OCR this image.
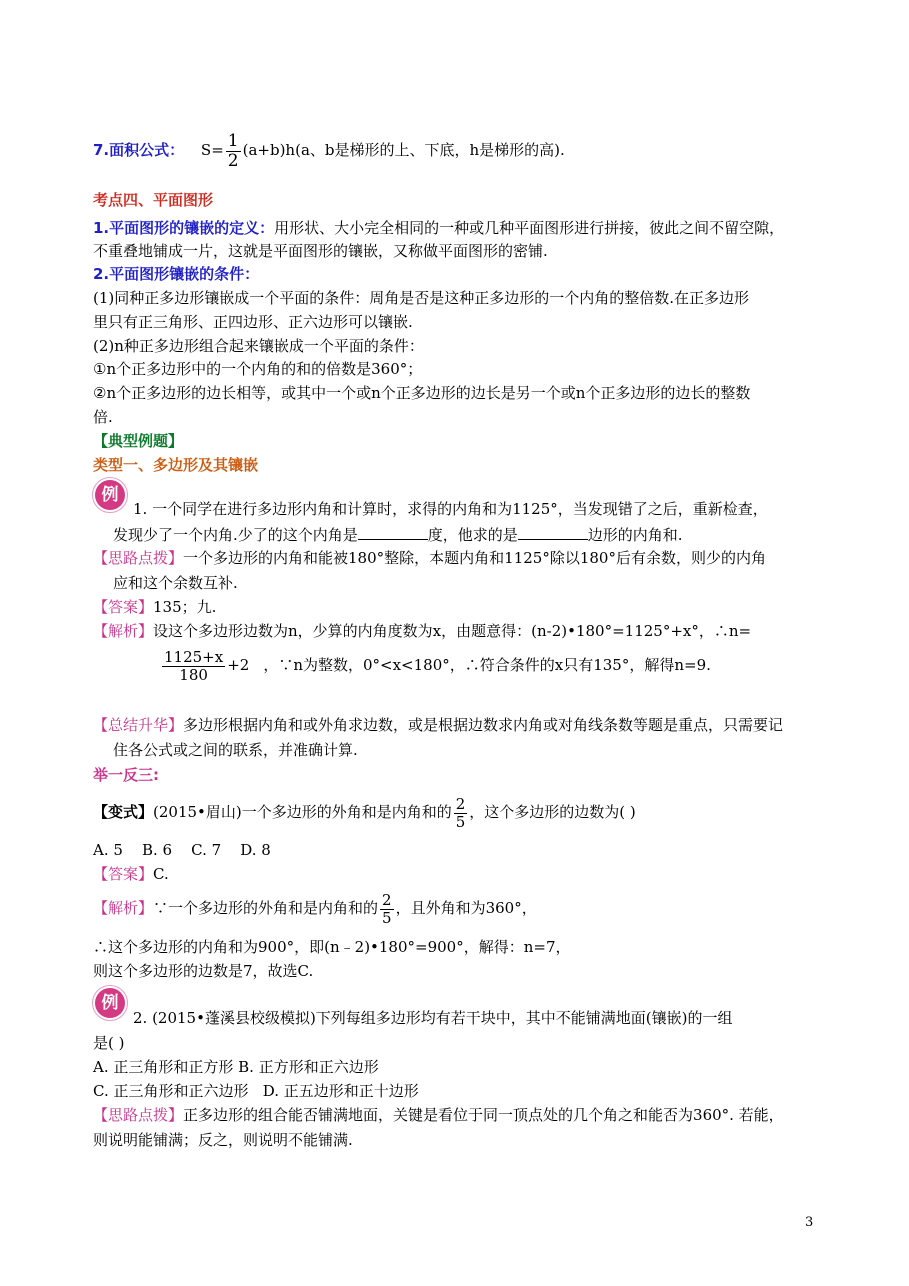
7.面积公式： $S= \frac{1}{2} (a+b)h(a$、b是梯形的上、下底，h是梯形的高).
考点四、平面图形
1.平面图形的镶嵌的定义：用形状、大小完全相同的一种或几种平面图形进行拼接，彼此之间不留空隙，
不重叠地铺成一片，这就是平面图形的镶嵌，又称做平面图形的密铺.
2.平面图形镶嵌的条件：
(1)同种正多边形镶嵌成一个平面的条件：周角是否是这种正多边形的一个内角的整倍数.在正多边形
里只有正三角形、正四边形、正六边形可以镶嵌.
(2)n种正多边形组合起来镶嵌成一个平面的条件：
①n个正多边形中的一个内角的和的倍数是360°；
②n个正多边形的边长相等，或其中一个或n个正多边形的边长是另一个或n个正多边形的边长的整数
倍.
【典型例题】
类型一、多边形及其镶嵌
例
1. 一个同学在进行多边形内角和计算时，求得的内角和为1125°，当发现错了之后，重新检查，
发现少了一个内角.少了的这个内角是	度，他求的是	边形的内角和.
【思路点拨】一个多边形的内角和能被180°整除，本题内角和1125°除以180°后有余数，则少的内角
应和这个余数互补.
【答案】135；九.
【解析】设这个多边形边数为n，少算的内角度数为x，由题意得：(n-2)•180°=1125°+x°，∴n=
$\frac{1125+x}{180} +2$ ，∵n为整数，0°<x<180°，∴符合条件的x只有135°，解得n=9.
【总结升华】多边形根据内角和或外角求边数，或是根据边数求内角或对角线条数等题是重点，只需要记
住各公式或之间的联系，并准确计算.
举一反三:
【变式】(2015•眉山)一个多边形的外角和是内角和的 $\frac{2}{5}$ ，这个多边形的边数为( )
A. 5    B. 6    C. 7    D. 8
【答案】C.
【解析】∵一个多边形的外角和是内角和的 $\frac{2}{5}$ ，且外角和为360°，
∴这个多边形的内角和为900°，即(n﹣2)•180°=900°，解得：n=7，
则这个多边形的边数是7，故选C.
例
2. (2015•蓬溪县校级模拟)下列每组多边形均有若干块中，其中不能铺满地面(镶嵌)的一组
是( )
A. 正三角形和正方形 B. 正方形和正六边形
C. 正三角形和正六边形   D. 正五边形和正十边形
【思路点拨】正多边形的组合能否铺满地面，关键是看位于同一顶点处的几个角之和能否为360°. 若能，
则说明能铺满；反之，则说明不能铺满.
3
